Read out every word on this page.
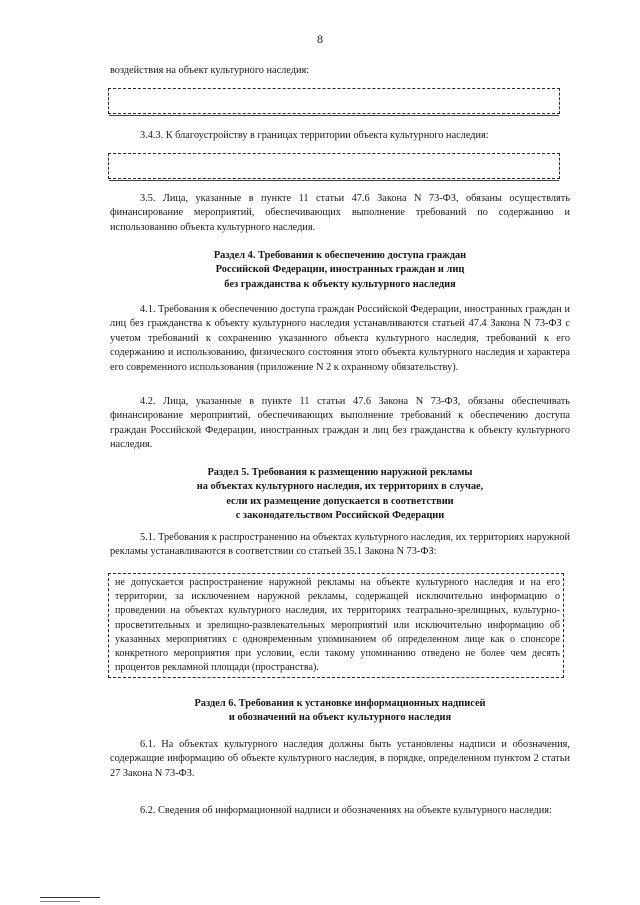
8
воздействия на объект культурного наследия:
3.4.3. К благоустройству в границах территории объекта культурного наследия:
3.5. Лица, указанные в пункте 11 статьи 47.6 Закона N 73-ФЗ, обязаны осуществлять финансирование мероприятий, обеспечивающих выполнение требований по содержанию и использованию объекта культурного наследия.
Раздел 4. Требования к обеспечению доступа граждан
Российской Федерации, иностранных граждан и лиц
без гражданства к объекту культурного наследия
4.1. Требования к обеспечению доступа граждан Российской Федерации, иностранных граждан и лиц без гражданства к объекту культурного наследия устанавливаются статьей 47.4 Закона N 73-ФЗ с учетом требований к сохранению указанного объекта культурного наследия, требований к его содержанию и использованию, физического состояния этого объекта культурного наследия и характера его современного использования (приложение N 2 к охранному обязательству).
4.2. Лица, указанные в пункте 11 статьи 47.6 Закона N 73-ФЗ, обязаны обеспечивать финансирование мероприятий, обеспечивающих выполнение требований к обеспечению доступа граждан Российской Федерации, иностранных граждан и лиц без гражданства к объекту культурного наследия.
Раздел 5. Требования к размещению наружной рекламы
на объектах культурного наследия, их территориях в случае,
если их размещение допускается в соответствии
с законодательством Российской Федерации
5.1. Требования к распространению на объектах культурного наследия, их территориях наружной рекламы устанавливаются в соответствии со статьей 35.1 Закона N 73-ФЗ:
не допускается распространение наружной рекламы на объекте культурного наследия и на его территории, за исключением наружной рекламы, содержащей исключительно информацию о проведении на объектах культурного наследия, их территориях театрально-зрелищных, культурно-просветительных и зрелищно-развлекательных мероприятий или исключительно информацию об указанных мероприятиях с одновременным упоминанием об определенном лице как о спонсоре конкретного мероприятия при условии, если такому упоминанию отведено не более чем десять процентов рекламной площади (пространства).
Раздел 6. Требования к установке информационных надписей
и обозначений на объект культурного наследия
6.1. На объектах культурного наследия должны быть установлены надписи и обозначения, содержащие информацию об объекте культурного наследия, в порядке, определенном пунктом 2 статьи 27 Закона N 73-ФЗ.
6.2. Сведения об информационной надписи и обозначениях на объекте культурного наследия:
